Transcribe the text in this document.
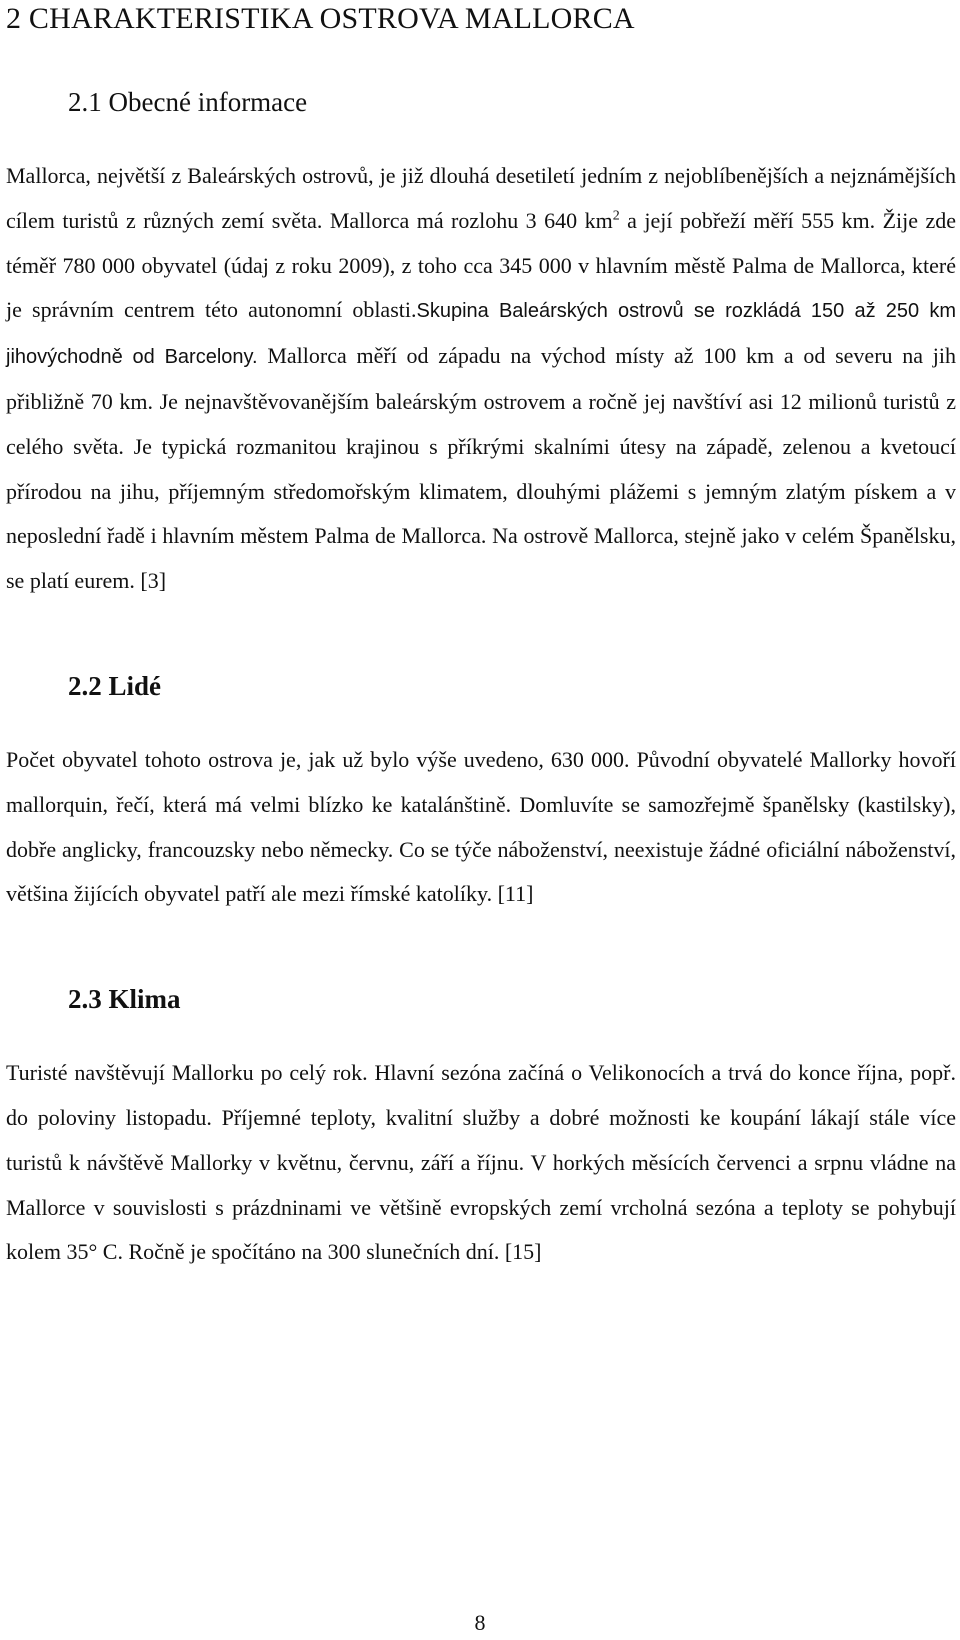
2 CHARAKTERISTIKA OSTROVA MALLORCA
2.1 Obecné informace

Mallorca, největší z Baleárských ostrovů, je již dlouhá desetiletí jedním z nejoblíbenějších a nejznámějších cílem turistů z různých zemí světa. Mallorca má rozlohu 3 640 $km^2$ a její pobřeží měří 555 km. Žije zde téměř 780 000 obyvatel (údaj z roku 2009), z toho cca 345 000 v hlavním městě Palma de Mallorca, které je správním centrem této autonomní oblasti.Skupina Baleárských ostrovů se rozkládá 150 až 250 km jihovýchodně od Barcelony. Mallorca měří od západu na východ místy až 100 km a od severu na jih přibližně 70 km. Je nejnavštěvovanějším baleárským ostrovem a ročně jej navštíví asi 12 milionů turistů z celého světa. Je typická rozmanitou krajinou s příkrými skalními útesy na západě, zelenou a kvetoucí přírodou na jihu, příjemným středomořským klimatem, dlouhými plážemi s jemným zlatým pískem a v neposlední řadě i hlavním městem Palma de Mallorca. Na ostrově Mallorca, stejně jako v celém Španělsku, se platí eurem. [3]

2.2 Lidé

Počet obyvatel tohoto ostrova je, jak už bylo výše uvedeno, 630 000. Původní obyvatelé Mallorky hovoří mallorquin, řečí, která má velmi blízko ke katalánštině. Domluvíte se samozřejmě španělsky (kastilsky), dobře anglicky, francouzsky nebo německy. Co se týče náboženství, neexistuje žádné oficiální náboženství, většina žijících obyvatel patří ale mezi římské katolíky. [11]

2.3 Klima

Turisté navštěvují Mallorku po celý rok. Hlavní sezóna začíná o Velikonocích a trvá do konce října, popř. do poloviny listopadu. Příjemné teploty, kvalitní služby a dobré možnosti ke koupání lákají stále více turistů k návštěvě Mallorky v květnu, červnu, září a říjnu. V horkých měsících červenci a srpnu vládne na Mallorce v souvislosti s prázdninami ve většině evropských zemí vrcholná sezóna a teploty se pohybují kolem 35° C. Ročně je spočítáno na 300 slunečních dní. [15]

8
